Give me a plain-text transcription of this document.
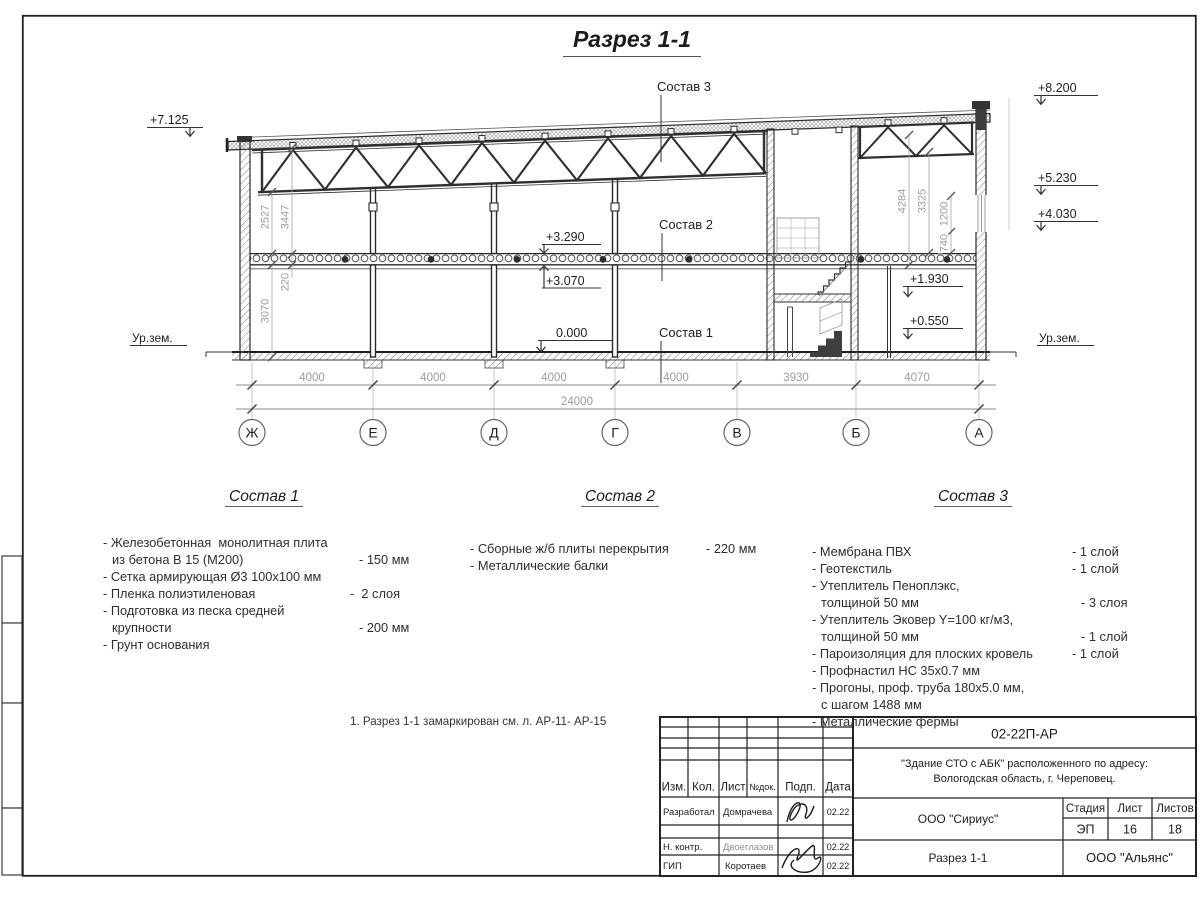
Разрез 1-1
Состав 3
Состав 2
Состав 1
+7.125
+8.200
+5.230
+4.030
+3.290
+3.070
0.000
+1.930
+0.550
Ур.зем.	Ур.зем.
2527 3447
220
3070
4284 3325
1200
740
4000	4000	4000	4000	3930	4070
24000
Ж	Е	Д	Г	В	Б	А
Изм. Кол. Лист №док. Подп. Дата
Разработал Домрачева	02.22
Н. контр. Двоеглазов	02.22
ГИП	Коротаев	02.22
02-22П-АР
"Здание СТО с АБК" расположенного по адресу:
Вологодская область, г. Череповец.
ООО "Сириус"
Разрез 1-1
Стадия Лист Листов
ЭП 16 18
ООО "Альянс"
Состав 1
- Железобетонная  монолитная плита
из бетона В 15 (М200)	- 150 мм
- Сетка армирующая Ø3 100х100 мм
- Пленка полиэтиленовая	-  2 слоя
- Подготовка из песка средней
крупности	- 200 мм
- Грунт основания
Состав 2
- Сборные ж/б плиты перекрытия	- 220 мм
- Металлические балки
Состав 3
- Мембрана ПВХ	- 1 слой
- Геотекстиль	- 1 слой
- Утеплитель Пеноплэкс,
толщиной 50 мм	- 3 слоя
- Утеплитель Эковер Y=100 кг/м3,
толщиной 50 мм	- 1 слой
- Пароизоляция для плоских кровель	- 1 слой
- Профнастил НС 35х0.7 мм
- Прогоны, проф. труба 180х5.0 мм,
с шагом 1488 мм
- Металлические фермы
1. Разрез 1-1 замаркирован см. л. АР-11- АР-15
